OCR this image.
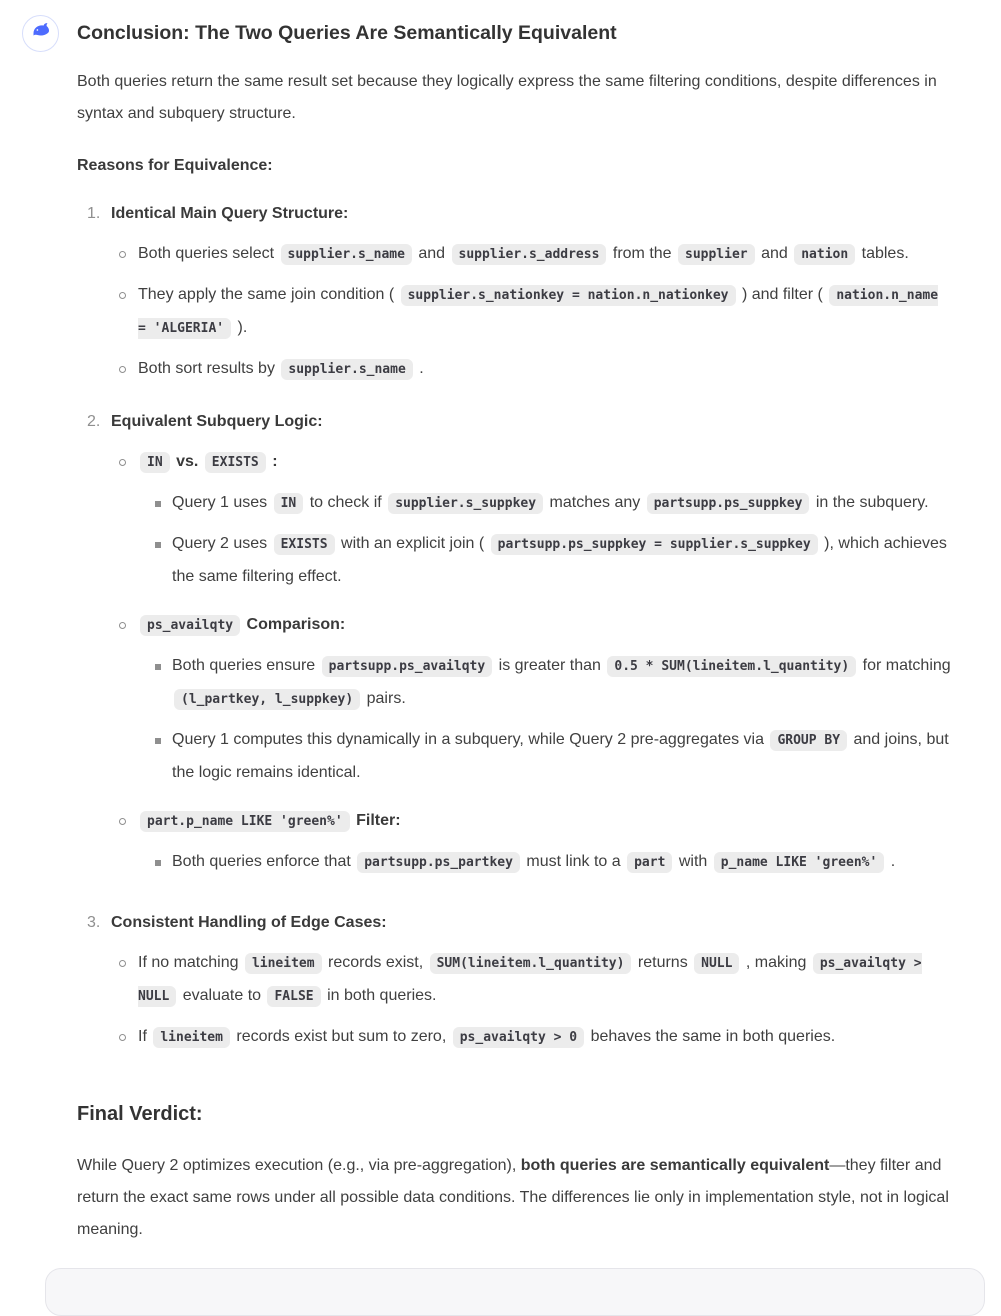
Conclusion: The Two Queries Are Semantically Equivalent

Both queries return the same result set because they logically express the same filtering conditions, despite differences in syntax and subquery structure.

Reasons for Equivalence:

1. Identical Main Query Structure:
Both queries select supplier.s_name and supplier.s_address from the supplier and nation tables.
They apply the same join condition ( supplier.s_nationkey = nation.n_nationkey ) and filter ( nation.n_name = 'ALGERIA' ).
Both sort results by supplier.s_name .
2. Equivalent Subquery Logic:
IN vs. EXISTS :
Query 1 uses IN to check if supplier.s_suppkey matches any partsupp.ps_suppkey in the subquery.
Query 2 uses EXISTS with an explicit join ( partsupp.ps_suppkey = supplier.s_suppkey ), which achieves the same filtering effect.
ps_availqty Comparison:
Both queries ensure partsupp.ps_availqty is greater than 0.5 * SUM(lineitem.l_quantity) for matching (l_partkey, l_suppkey) pairs.
Query 1 computes this dynamically in a subquery, while Query 2 pre-aggregates via GROUP BY and joins, but the logic remains identical.
part.p_name LIKE 'green%' Filter:
Both queries enforce that partsupp.ps_partkey must link to a part with p_name LIKE 'green%' .
3. Consistent Handling of Edge Cases:
If no matching lineitem records exist, SUM(lineitem.l_quantity) returns NULL , making ps_availqty > NULL evaluate to FALSE in both queries.
If lineitem records exist but sum to zero, ps_availqty > 0 behaves the same in both queries.
Final Verdict:

While Query 2 optimizes execution (e.g., via pre-aggregation), both queries are semantically equivalent—they filter and return the exact same rows under all possible data conditions. The differences lie only in implementation style, not in logical meaning.
